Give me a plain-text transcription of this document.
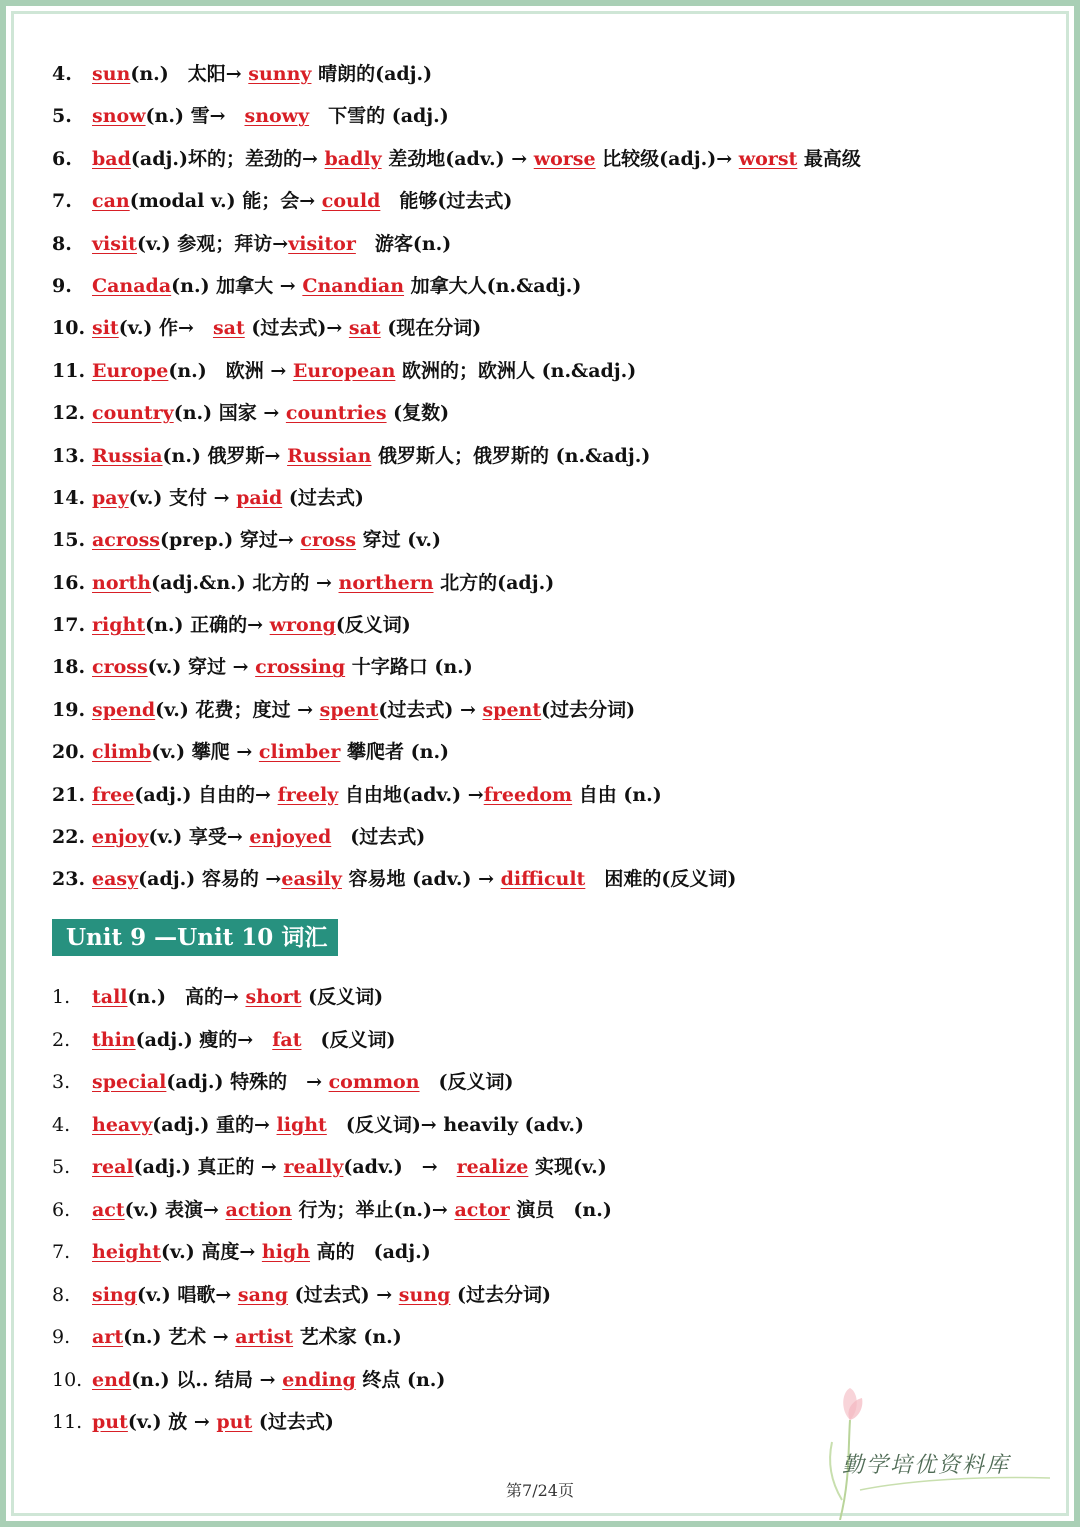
4. sun(n.)　太阳→ sunny 晴朗的(adj.)
5. snow(n.) 雪→　snowy　下雪的 (adj.)
6. bad(adj.)坏的；差劲的→ badly 差劲地(adv.) → worse 比较级(adj.)→ worst 最高级
7. can(modal v.) 能；会→ could　能够(过去式)
8. visit(v.) 参观；拜访→visitor　游客(n.)
9. Canada(n.) 加拿大 → Cnandian 加拿大人(n.&adj.)
10. sit(v.) 作→　sat (过去式)→ sat (现在分词)
11. Europe(n.)　欧洲 → European 欧洲的；欧洲人 (n.&adj.)
12. country(n.) 国家 → countries (复数)
13. Russia(n.) 俄罗斯→ Russian 俄罗斯人；俄罗斯的 (n.&adj.)
14. pay(v.) 支付 → paid (过去式)
15. across(prep.) 穿过→ cross 穿过 (v.)
16. north(adj.&n.) 北方的 → northern 北方的(adj.)
17. right(n.) 正确的→ wrong(反义词)
18. cross(v.) 穿过 → crossing 十字路口 (n.)
19. spend(v.) 花费；度过 → spent(过去式) → spent(过去分词)
20. climb(v.) 攀爬 → climber 攀爬者 (n.)
21. free(adj.) 自由的→ freely 自由地(adv.) →freedom 自由 (n.)
22. enjoy(v.) 享受→ enjoyed　(过去式)
23. easy(adj.) 容易的 →easily 容易地 (adv.) → difficult　困难的(反义词)
Unit 9 —Unit 10 词汇
1. tall(n.)　高的→ short (反义词)
2. thin(adj.) 瘦的→　fat　(反义词)
3. special(adj.) 特殊的　→ common　(反义词)
4. heavy(adj.) 重的→ light　(反义词)→ heavily (adv.)
5. real(adj.) 真正的 → really(adv.)　→　realize 实现(v.)
6. act(v.) 表演→ action 行为；举止(n.)→ actor 演员　(n.)
7. height(v.) 高度→ high 高的　(adj.)
8. sing(v.) 唱歌→ sang (过去式) → sung (过去分词)
9. art(n.) 艺术 → artist 艺术家 (n.)
10. end(n.) 以.. 结局 → ending 终点 (n.)
11. put(v.) 放 → put (过去式)
第7/24页
勤学培优资料库
